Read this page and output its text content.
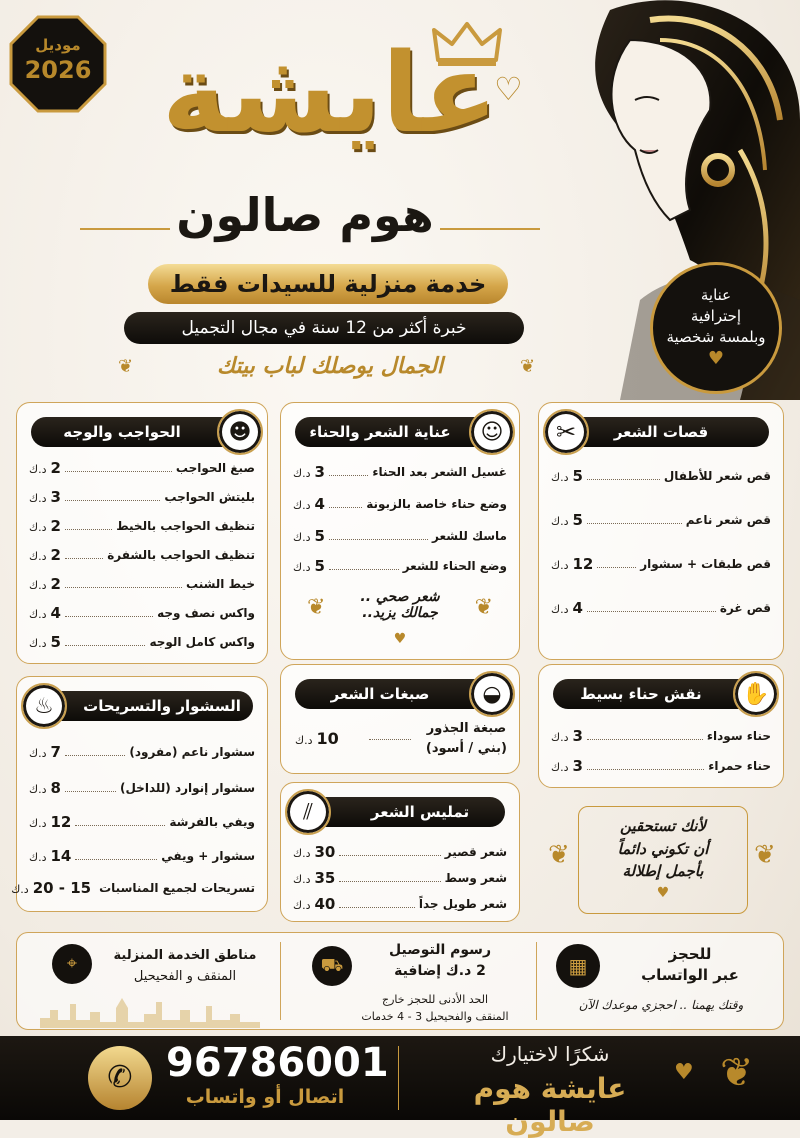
موديل
2026	♡
عايشة
هوم صالون
خدمة منزلية للسيدات فقط
خبرة أكثر من 12 سنة في مجال التجميل
الجمال يوصلك لباب بيتك
❦	❦
عناية
إحترافية
وبلمسة شخصية
♥
قصات الشعر
✂
قص شعر للأطفال
5د.ك
قص شعر ناعم
5د.ك
قص طبقات + سشوار
12د.ك
قص غرة
4د.ك
عناية الشعر والحناء	☺
غسيل الشعر بعد الحناء
3د.ك
وضع حناء خاصة بالزبونة
4د.ك
ماسك للشعر
5د.ك
وضع الحناء للشعر
5د.ك
شعر صحي ..
جمالك يزيد..
❦	❦
♥
الحواجب والوجه	☻
صبغ الحواجب
2د.ك
بليتش الحواجب
3د.ك
تنظيف الحواجب بالخيط
2د.ك
تنظيف الحواجب بالشفرة
2د.ك
خيط الشنب
2د.ك
واكس نصف وجه
4د.ك
واكس كامل الوجه
5د.ك
نقش حناء بسيط	✋
حناء سوداء
3د.ك
حناء حمراء
3د.ك
صبغات الشعر	◒
صبغة الجذور
(بني / أسود)
10د.ك
السشوار والتسريحات
♨
سشوار ناعم (مفرود)
7د.ك
سشوار إنوارد (للداخل)
8د.ك
ويفي بالفرشة
12د.ك
سشوار + ويفي
14د.ك
تسريحات لجميع المناسبات
15 - 20د.ك
تمليس الشعر
⫽
شعر قصير
30د.ك
شعر وسط
35د.ك
شعر طويل جداً
40د.ك
لأنك تستحقين
أن تكوني دائماً
بأجمل إطلالة
♥
❦	❦
▦	للحجز
عبر الواتساب
وقتك يهمنا .. احجزي موعدك الآن
⛟
رسوم التوصيل
2 د.ك إضافية
الحد الأدنى للحجز خارج
المنقف والفحيحيل 3 - 4 خدمات
⌖	مناطق الخدمة المنزلية
المنقف و الفحيحيل
✆ 96786001
اتصال أو واتساب
شكرًا لاختيارك
عايشة هوم صالون
♥ ❦
